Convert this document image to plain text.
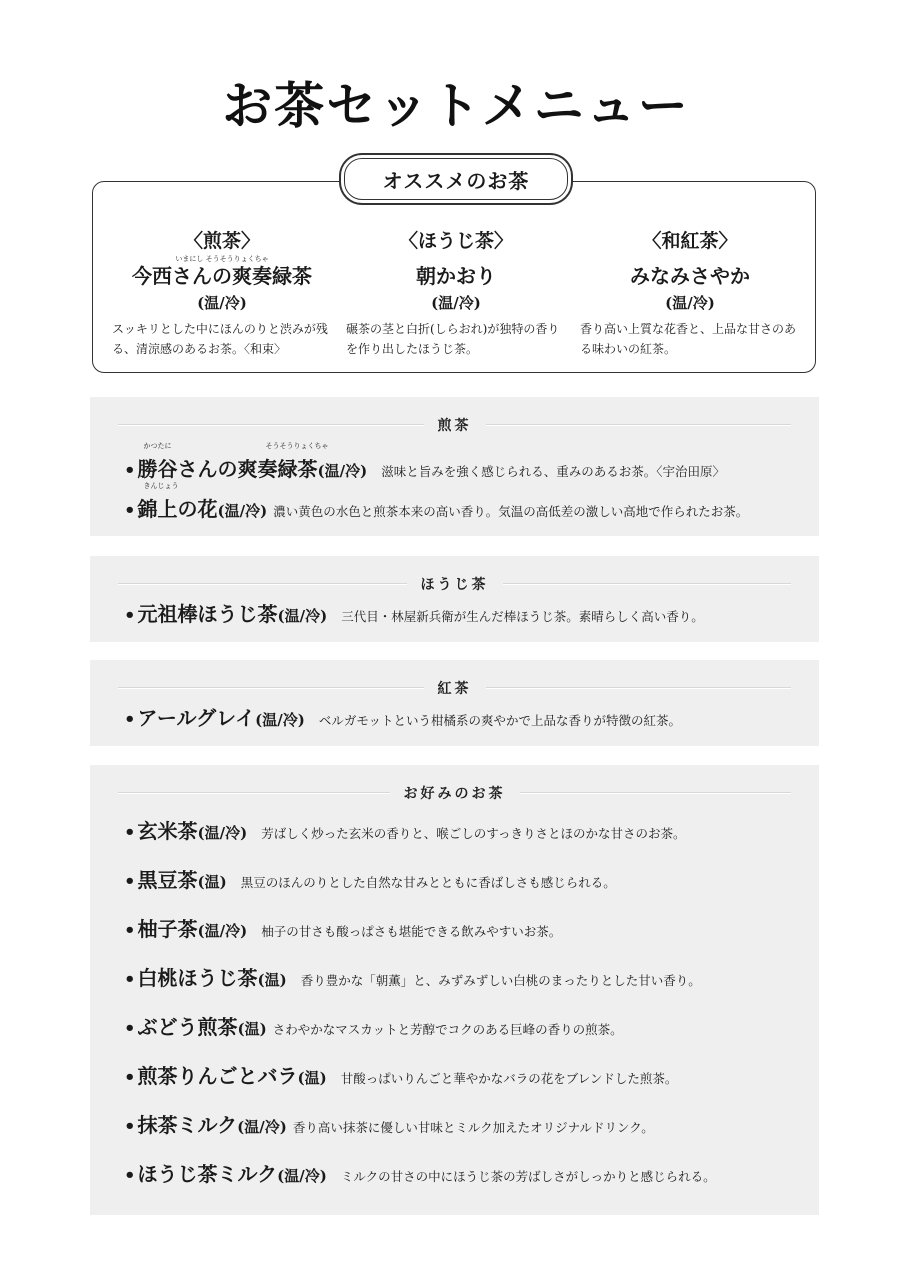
お茶セットメニュー
オススメのお茶
〈煎茶〉
いまにし そうそうりょくちゃ
今西さんの爽奏緑茶
(温/冷)
スッキリとした中にほんのりと渋みが残る、清涼感のあるお茶。〈和束〉
〈ほうじ茶〉
朝かおり
(温/冷)
碾茶の茎と白折(しらおれ)が独特の香りを作り出したほうじ茶。
〈和紅茶〉
みなみさやか
(温/冷)
香り高い上質な花香と、上品な甘さのある味わいの紅茶。
煎茶
• 勝谷さんの爽奏緑茶
かつたに	そうそうりょくちゃ
(温/冷) 滋味と旨みを強く感じられる、重みのあるお茶。〈宇治田原〉
• 錦上の花
きんじょう
(温/冷) 濃い黄色の水色と煎茶本来の高い香り。気温の高低差の激しい高地で作られたお茶。
ほうじ茶
• 元祖棒ほうじ茶 (温/冷) 三代目・林屋新兵衛が生んだ棒ほうじ茶。素晴らしく高い香り。
紅茶
• アールグレイ (温/冷) ベルガモットという柑橘系の爽やかで上品な香りが特徴の紅茶。
お好みのお茶
• 玄米茶 (温/冷) 芳ばしく炒った玄米の香りと、喉ごしのすっきりさとほのかな甘さのお茶。
• 黒豆茶 (温) 黒豆のほんのりとした自然な甘みとともに香ばしさも感じられる。
• 柚子茶 (温/冷) 柚子の甘さも酸っぱさも堪能できる飲みやすいお茶。
• 白桃ほうじ茶 (温) 香り豊かな「朝薫」と、みずみずしい白桃のまったりとした甘い香り。
• ぶどう煎茶 (温) さわやかなマスカットと芳醇でコクのある巨峰の香りの煎茶。
• 煎茶りんごとバラ (温) 甘酸っぱいりんごと華やかなバラの花をブレンドした煎茶。
• 抹茶ミルク (温/冷) 香り高い抹茶に優しい甘味とミルク加えたオリジナルドリンク。
• ほうじ茶ミルク (温/冷) ミルクの甘さの中にほうじ茶の芳ばしさがしっかりと感じられる。
